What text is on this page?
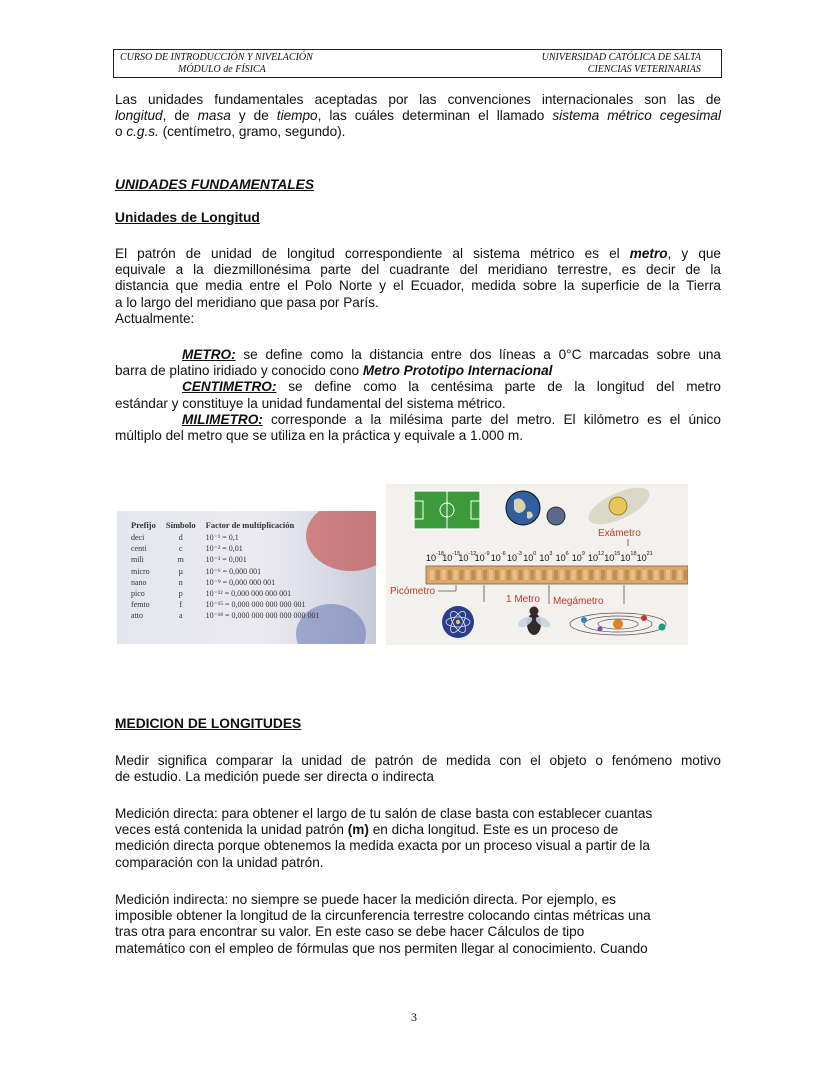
CURSO DE INTRODUCCIÓN Y NIVELACIÓN
MÓDULO de FÍSICA
UNIVERSIDAD CATÓLICA DE SALTA
CIENCIAS VETERINARIAS
Las unidades fundamentales aceptadas por las convenciones internacionales son las de
longitud, de masa y de tiempo, las cuáles determinan el llamado sistema métrico cegesimal
o c.g.s. (centímetro, gramo, segundo).
UNIDADES FUNDAMENTALES
Unidades de Longitud
El patrón de unidad de longitud correspondiente al sistema métrico es el metro, y que
equivale a la diezmillonésima parte del cuadrante del meridiano terrestre, es decir de la
distancia que media entre el Polo Norte y el Ecuador, medida sobre la superficie de la Tierra
a lo largo del meridiano que pasa por París.
Actualmente:
METRO: se define como la distancia entre dos líneas a 0°C marcadas sobre una
barra de platino iridiado y conocido cono Metro Prototipo Internacional
CENTIMETRO: se define como la centésima parte de la longitud del metro
estándar y constituye la unidad fundamental del sistema métrico.
MILIMETRO: corresponde a la milésima parte del metro. El kilómetro es el único
múltiplo del metro que se utiliza en la práctica y equivale a 1.000 m.
Prefijo	Símbolo	Factor de multiplicación
deci	d	10⁻¹ = 0,1
centi	c	10⁻² = 0,01
mili	m	10⁻³ = 0,001
micro	µ	10⁻⁶ = 0,000 001
nano	n	10⁻⁹ = 0,000 000 001
pico	p	10⁻¹² = 0,000 000 000 001
femto	f	10⁻¹⁵ = 0,000 000 000 000 001
atto	a	10⁻¹⁸ = 0,000 000 000 000 000 001
Exámetro
$10^{-18}$
$10^{-15}$
$10^{-12}$
$10^{-9}$ $10^{-6}$ $10^{-3}$ $10^0$ $10^3$ $10^6$ $10^9$ $10^{12}$ $10^{15}$ $10^{18}$ $10^{21}$
Picómetro
1 Metro Megámetro
MEDICION DE LONGITUDES
Medir significa comparar la unidad de patrón de medida con el objeto o fenómeno motivo
de estudio. La medición puede ser directa o indirecta
Medición directa: para obtener el largo de tu salón de clase basta con establecer cuantas
veces está contenida la unidad patrón (m) en dicha longitud. Este es un proceso de
medición directa porque obtenemos la medida exacta por un proceso visual a partir de la
comparación con la unidad patrón.
Medición indirecta: no siempre se puede hacer la medición directa. Por ejemplo, es
imposible obtener la longitud de la circunferencia terrestre colocando cintas métricas una
tras otra para encontrar su valor. En este caso se debe hacer Cálculos de tipo
matemático con el empleo de fórmulas que nos permiten llegar al conocimiento. Cuando
3
